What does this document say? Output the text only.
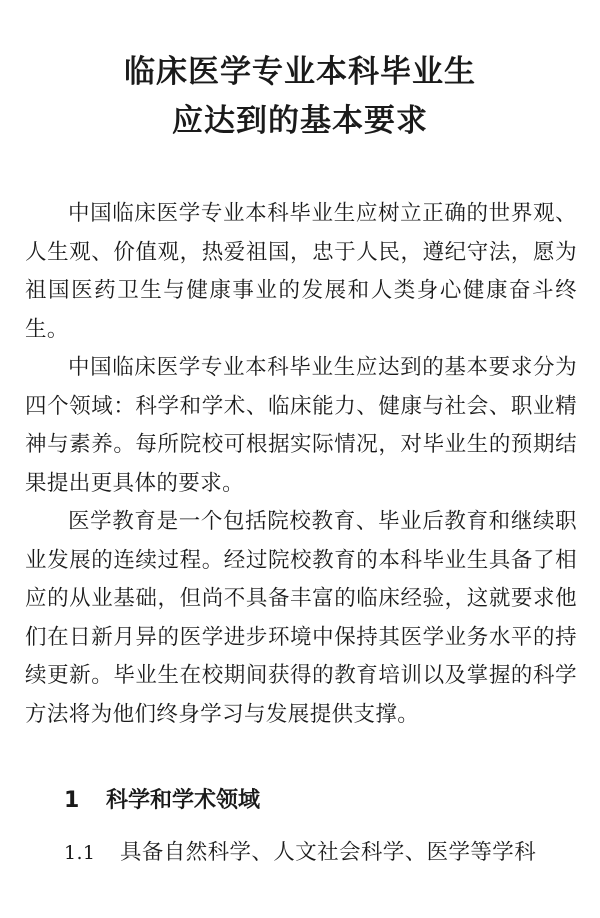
临床医学专业本科毕业生
应达到的基本要求

中国临床医学专业本科毕业生应树立正确的世界观、人生观、价值观，热爱祖国，忠于人民，遵纪守法，愿为祖国医药卫生与健康事业的发展和人类身心健康奋斗终生。

中国临床医学专业本科毕业生应达到的基本要求分为四个领域：科学和学术、临床能力、健康与社会、职业精神与素养。每所院校可根据实际情况，对毕业生的预期结果提出更具体的要求。

医学教育是一个包括院校教育、毕业后教育和继续职业发展的连续过程。经过院校教育的本科毕业生具备了相应的从业基础，但尚不具备丰富的临床经验，这就要求他们在日新月异的医学进步环境中保持其医学业务水平的持续更新。毕业生在校期间获得的教育培训以及掌握的科学方法将为他们终身学习与发展提供支撑。

1 科学和学术领域

1.1 具备自然科学、人文社会科学、医学等学科
